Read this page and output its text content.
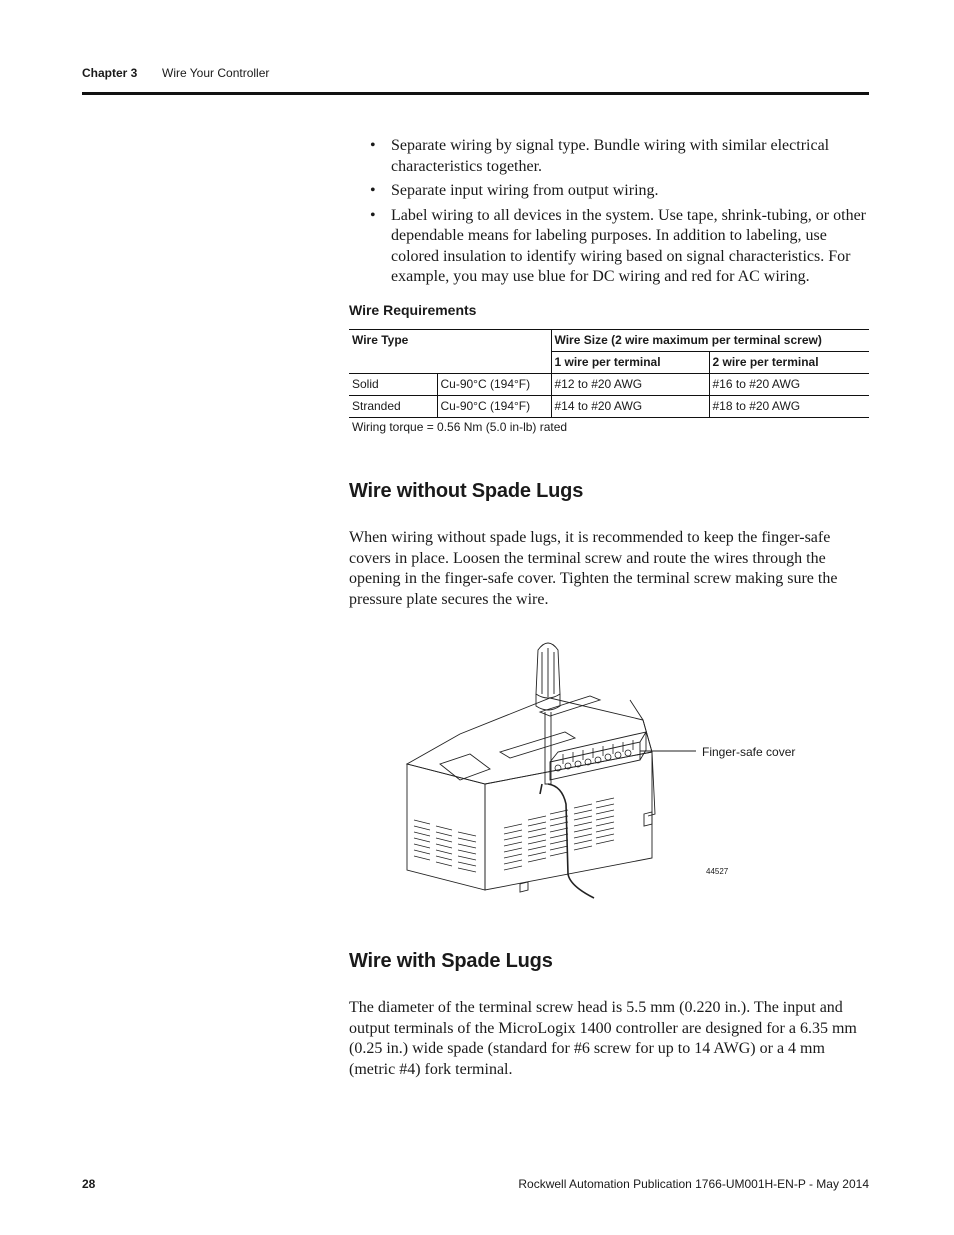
Chapter 3 Wire Your Controller
• Separate wiring by signal type. Bundle wiring with similar electrical characteristics together.
• Separate input wiring from output wiring.
• Label wiring to all devices in the system. Use tape, shrink-tubing, or other dependable means for labeling purposes. In addition to labeling, use colored insulation to identify wiring based on signal characteristics. For example, you may use blue for DC wiring and red for AC wiring.
Wire Requirements
Wire Type		Wire Size (2 wire maximum per terminal screw)	
		1 wire per terminal	2 wire per terminal
Solid	Cu-90°C (194°F)	#12 to #20 AWG	#16 to #20 AWG
Stranded	Cu-90°C (194°F)	#14 to #20 AWG	#18 to #20 AWG
Wiring torque = 0.56 Nm (5.0 in-lb) rated
Wire without Spade Lugs

When wiring without spade lugs, it is recommended to keep the finger-safe covers in place. Loosen the terminal screw and route the wires through the opening in the finger-safe cover. Tighten the terminal screw making sure the pressure plate secures the wire.

Finger-safe cover
44527
Wire with Spade Lugs

The diameter of the terminal screw head is 5.5 mm (0.220 in.). The input and output terminals of the MicroLogix 1400 controller are designed for a 6.35 mm (0.25 in.) wide spade (standard for #6 screw for up to 14 AWG) or a 4 mm (metric #4) fork terminal.

28	Rockwell Automation Publication 1766-UM001H-EN-P - May 2014
